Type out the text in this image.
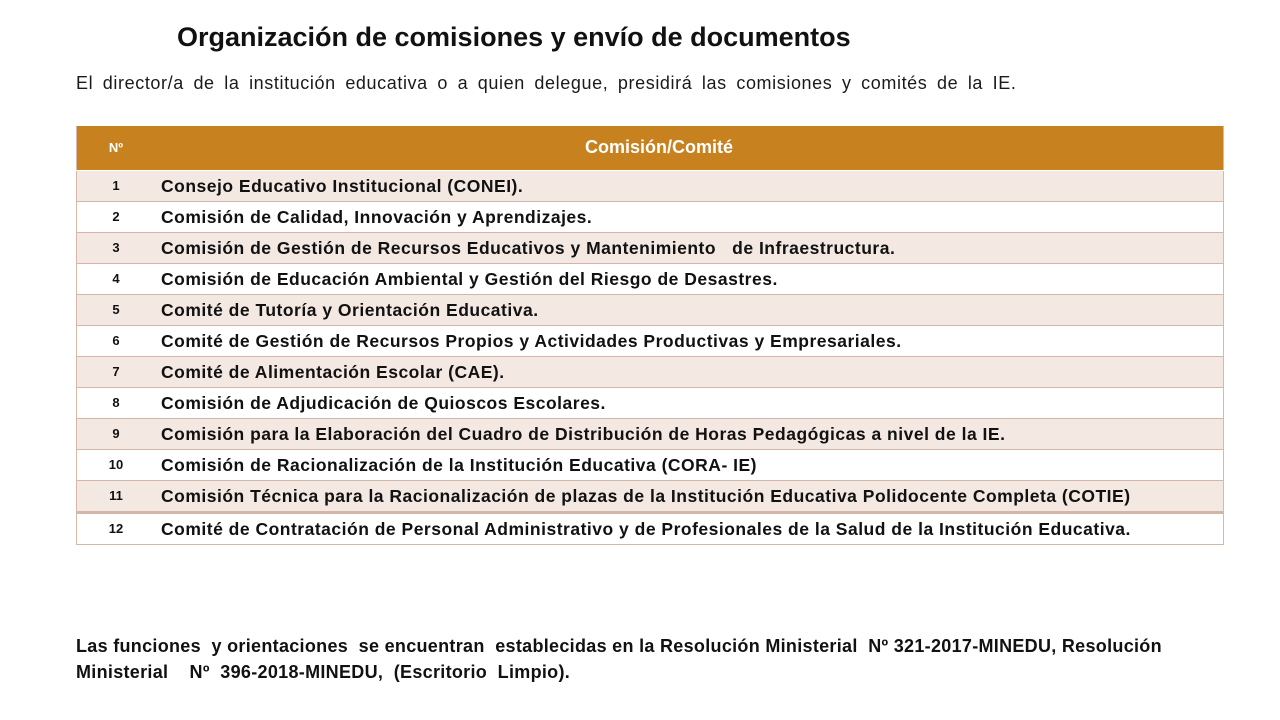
Organización de comisiones y envío de documentos
El director/a de la institución educativa o a quien delegue, presidirá las comisiones y comités de la IE.
Nº	Comisión/Comité
1	Consejo Educativo Institucional (CONEI).
2	Comisión de Calidad, Innovación y Aprendizajes.
3	Comisión de Gestión de Recursos Educativos y Mantenimiento   de Infraestructura.
4	Comisión de Educación Ambiental y Gestión del Riesgo de Desastres.
5	Comité de Tutoría y Orientación Educativa.
6	Comité de Gestión de Recursos Propios y Actividades Productivas y Empresariales.
7	Comité de Alimentación Escolar (CAE).
8	Comisión de Adjudicación de Quioscos Escolares.
9	Comisión para la Elaboración del Cuadro de Distribución de Horas Pedagógicas a nivel de la IE.
10	Comisión de Racionalización de la Institución Educativa (CORA- IE)
11	Comisión Técnica para la Racionalización de plazas de la Institución Educativa Polidocente Completa (COTIE)
12	Comité de Contratación de Personal Administrativo y de Profesionales de la Salud de la Institución Educativa.
Las funciones  y orientaciones  se encuentran  establecidas en la Resolución Ministerial  Nº 321-2017-MINEDU, Resolución  Ministerial    Nº  396-2018-MINEDU,  (Escritorio  Limpio).
